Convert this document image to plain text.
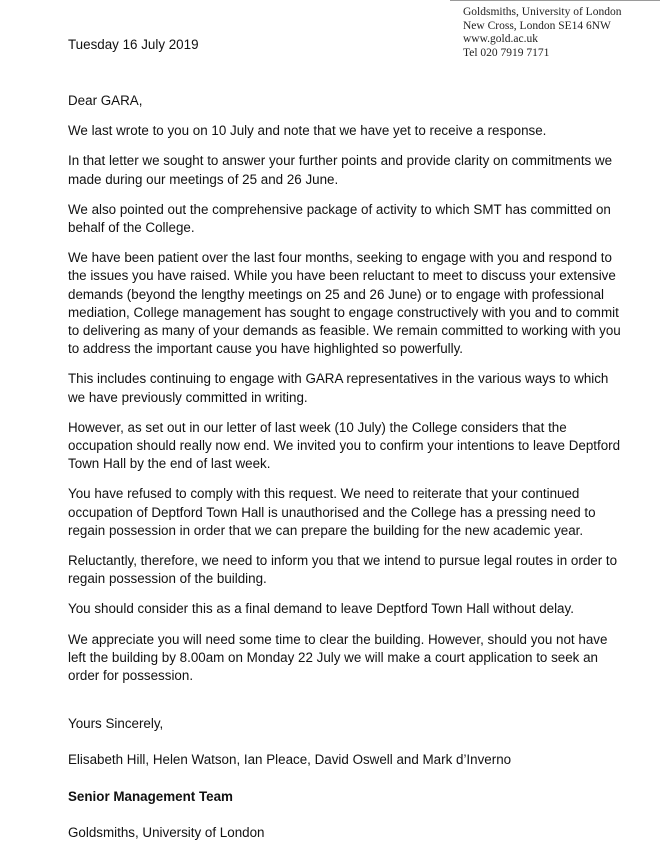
Goldsmiths, University of London
New Cross, London SE14 6NW
www.gold.ac.uk
Tel 020 7919 7171
Tuesday 16 July 2019

Dear GARA,

We last wrote to you on 10 July and note that we have yet to receive a response.

In that letter we sought to answer your further points and provide clarity on commitments we made during our meetings of 25 and 26 June.

We also pointed out the comprehensive package of activity to which SMT has committed on behalf of the College.

We have been patient over the last four months, seeking to engage with you and respond to the issues you have raised. While you have been reluctant to meet to discuss your extensive demands (beyond the lengthy meetings on 25 and 26 June) or to engage with professional mediation, College management has sought to engage constructively with you and to commit to delivering as many of your demands as feasible. We remain committed to working with you to address the important cause you have highlighted so powerfully.

This includes continuing to engage with GARA representatives in the various ways to which we have previously committed in writing.

However, as set out in our letter of last week (10 July) the College considers that the occupation should really now end. We invited you to confirm your intentions to leave Deptford Town Hall by the end of last week.

You have refused to comply with this request. We need to reiterate that your continued occupation of Deptford Town Hall is unauthorised and the College has a pressing need to regain possession in order that we can prepare the building for the new academic year.

Reluctantly, therefore, we need to inform you that we intend to pursue legal routes in order to regain possession of the building.

You should consider this as a final demand to leave Deptford Town Hall without delay.

We appreciate you will need some time to clear the building. However, should you not have left the building by 8.00am on Monday 22 July we will make a court application to seek an order for possession.

Yours Sincerely,

Elisabeth Hill, Helen Watson, Ian Pleace, David Oswell and Mark d’Inverno

Senior Management Team

Goldsmiths, University of London
